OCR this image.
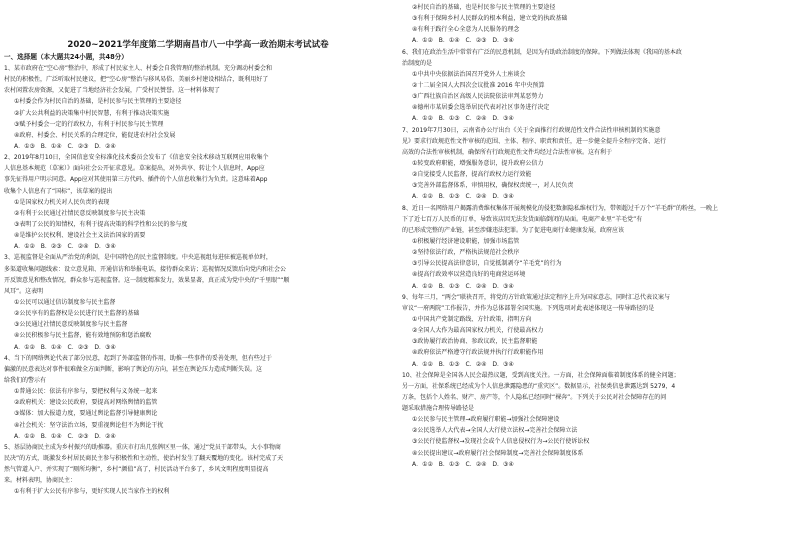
2020~2021学年度第二学期南昌市八一中学高一政治期末考试试卷
一、选择题（本大题共24小题，共48分）
1、某市政府在“空心房”整治中，形成了村民家主人、村委会自我管理的整治机制。充分调动村委会和
村民的积极性，广泛听取村民建议，把“空心房”整治与移风易俗、美丽乡村建设相结合，既利用好了
农村闲置农房资源，又促进了当地经济社会发展，广受村民赞誉。这一材料体现了
①村委会作为村民自治的基础，是村民参与民主管理的主要途径
②扩大公共利益的决策集中村民智慧，有利于推动决策实施
③赋予村委会一定的行政权力，有利于村民参与民主管理
④政府、村委会、村民关系的合理定位，能促进农村社会发展
A．①③ B．①④ C．②③ D．②④
2、2019年8月10日，全国信息安全标准化技术委员会发布了《信息安全技术移动互联网应用收集个
人信息基本规范（草案）》面向社会公开征求意见。草案提出，对外共享、转让个人信息时，App应
事先征得用户明示同意。App应对其使用第三方代码、插件的个人信息收集行为负责。这意味着App
收集个人信息有了“国标”，该草案的提出
①是国家权力机关对人民负责的表现
②有利于公民通过社情民意反映制度参与民主决策
③表明了公民的知情权，有利于提高决策的科学性和公民的参与度
④是维护公民权利、建设社会主义法治国家的需要
A．①② B．②③ C．②④ D．③④
3、巡视监督是全面从严治党的利剑，是中国特色的民主监督制度。中央巡视组每进驻被巡视单位时，
多渠道收集问题线索：设立意见箱、开通信访和举报电话，接待群众来访；巡视情况反馈后向党内和社会公
开反馈意见和整改情况，群众参与巡视监督。这一制度精准发力，效果显著，真正成为党中央的“千里眼”“顺
风耳”。这表明
①公民可以通过信访制度参与民主监督
②公民享有的监督权是公民进行民主监督的基础
③公民通过社情民意反映制度参与民主监督
④公民积极参与民主监督，能有效地预防和惩治腐败
A．①② B．①④ C．②③ D．③④
4、当下的网络舆论代表了部分民意，起到了外部监督的作用，助推一些事件的妥善处理，但有些过于
偏激的民意表达对事件很难做全方面判断，影响了舆论的方向，甚至在舆论压力造成判断失误。这
给我们的警示有
①普通公民：依法有序参与，要把权利与义务统一起来
②政府机关：建设公民政府，要提高对网络舆情的监管
③媒体：加大报道力度，要通过舆论监督引导健康舆论
④社会机关：坚守法治立场，要重视舆论但不为舆论干扰
A．①② B．①④ C．②③ D．②④
5、基层协商民主成为乡村振兴的助推器。重庆市打出几张牌区里一体，通过“党员干部带头，大小事物商
民决”的方式，既激发乡村居民商民主参与积极性和主动性，使治村发生了翻天覆地的变化。该村完成了天
然气管道入户、并实现了“厕所均衡”，乡村“颜值”高了，村民活动平台多了，乡风文明程度明显提高
来。材料表明，协商民主：
①有利于扩大公民有序参与，更好实现人民当家作主的权利
②村民自治的基础，也是村民参与民主管理的主要途径
③有利于保障乡村人民群众的根本利益，建立党的执政基础
④有利于践行全心全意为人民服务的理念
A．①② B．①④ C．②③ D．③④
6、我们在政治生活中常常有广泛的民意机制，是因为有助政治制度的保障。下列做法体现《我国的基本政
治制度的是
①中共中央依据法治国召开党外人士座谈会
②十二届全国人大四次会议批准 2016 年中央预算
③广西壮族自治区高级人民法院依法审判某恶势力
④德州市某居委会选举居民代表对社区事务进行决定
A．①② B．①③ C．②④ D．③④
7、2019年7月30日，云南省办公厅出台《关于全面推行行政规范性文件合法性审核机制的实施意
见》要求行政规范性文件审核的范围、主体、程序、职责和责任，进一步健全提升全程序完备、运行
高效的合法性审核机制，确保所有行政规范性文件均经过合法性审核。这有利于
①转变政府职能，增强服务意识，提升政府公信力
②自觉接受人民监督，提高行政权力运行效能
③完善外部监督体系，审慎用权，确保权责统一，对人民负责
A．①② B．①③ C．②④ D．③④
8、近日一名网络用户揭露消费维权集体开展规模化的侵犯数据隐私维权行为，带领超过千万个“羊毛群”的粉丝，一晚上
下了近七百万人民币的订单，导致该店因无法发货面临倒闭的局面。电商产业里“羊毛党”有
的已形成完整的产业链，甚至涉嫌违法犯罪。为了促进电商行业健康发展，政府应该
①积极履行经济建设职能，加强市场监管
②坚持依法行政，严格执法规范社会秩序
③引导公民提高法律意识，自觉抵制剥夺“羊毛党”的行为
④提高行政效率以营造良好的电商营运环境
A．①② B．①③ C．②④ D．③④
9、每年三月，“两会”联袂召开，将党的方针政策通过法定程序上升为国家意志，同时汇总代表议案与
审议“一府两院”工作报告，并作为总体部署全国实施。下列选项对此表述体现这一传导路径的是
①中国共产党制定路线、方针政策，指明方向
②全国人大作为最高国家权力机关，行使最高权力
③政协履行政治协商、参政议政，民主监督职能
④政府依法严格遵守行政法规并执行行政职能作用
A．①② B．①③ C．②④ D．③④
10、社会保障是全国各人民会最热议题，受到高度关注。一方面，社会保障面临着制度体系的健全问题；
另一方面，社保系统已经成为个人信息泄露隐患的“重灾区”。数据显示，社保类信息泄露达到 5279，4
万条，包括个人姓名、财产、房产等，个人隐私已经同时“裸奔”。下列关于公民对社会保障存在的问
题采取措施合理传导路径是
①公民参与民主管理→政府履行职能→加强社会保障建设
②公民选举人大代表→全国人大行使立法权→完善社会保障立法
③公民行使监督权→发现社会或个人信息侵权行为→公民行使诉讼权
④公民提出建议→政府履行社会保障制度→完善社会保障制度体系
A．①② B．①③ C．②④ D．③④
